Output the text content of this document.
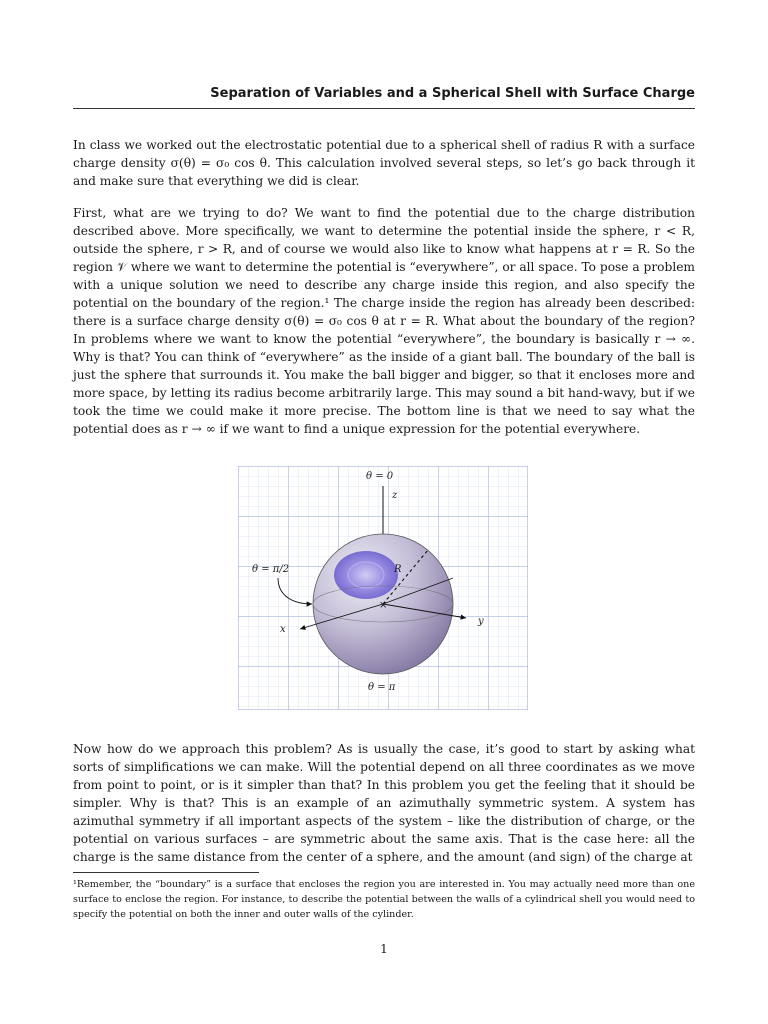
Separation of Variables and a Spherical Shell with Surface Charge

In class we worked out the electrostatic potential due to a spherical shell of radius R with a surface charge density σ(θ) = σ₀ cos θ. This calculation involved several steps, so let’s go back through it and make sure that everything we did is clear.

First, what are we trying to do? We want to find the potential due to the charge distribution described above. More specifically, we want to determine the potential inside the sphere, r < R, outside the sphere, r > R, and of course we would also like to know what happens at r = R. So the region 𝒱 where we want to determine the potential is “everywhere”, or all space. To pose a problem with a unique solution we need to describe any charge inside this region, and also specify the potential on the boundary of the region.¹ The charge inside the region has already been described: there is a surface charge density σ(θ) = σ₀ cos θ at r = R. What about the boundary of the region? In problems where we want to know the potential “everywhere”, the boundary is basically r → ∞. Why is that? You can think of “everywhere” as the inside of a giant ball. The boundary of the ball is just the sphere that surrounds it. You make the ball bigger and bigger, so that it encloses more and more space, by letting its radius become arbitrarily large. This may sound a bit hand-wavy, but if we took the time we could make it more precise. The bottom line is that we need to say what the potential does as r → ∞ if we want to find a unique expression for the potential everywhere.

×
θ = 0
z
θ = π/2	R
x
y
θ = π

Now how do we approach this problem? As is usually the case, it’s good to start by asking what sorts of simplifications we can make. Will the potential depend on all three coordinates as we move from point to point, or is it simpler than that? In this problem you get the feeling that it should be simpler. Why is that? This is an example of an azimuthally symmetric system. A system has azimuthal symmetry if all important aspects of the system – like the distribution of charge, or the potential on various surfaces – are symmetric about the same axis. That is the case here: all the charge is the same distance from the center of a sphere, and the amount (and sign) of the charge at

¹Remember, the “boundary” is a surface that encloses the region you are interested in. You may actually need more than one surface to enclose the region. For instance, to describe the potential between the walls of a cylindrical shell you would need to specify the potential on both the inner and outer walls of the cylinder.

1
